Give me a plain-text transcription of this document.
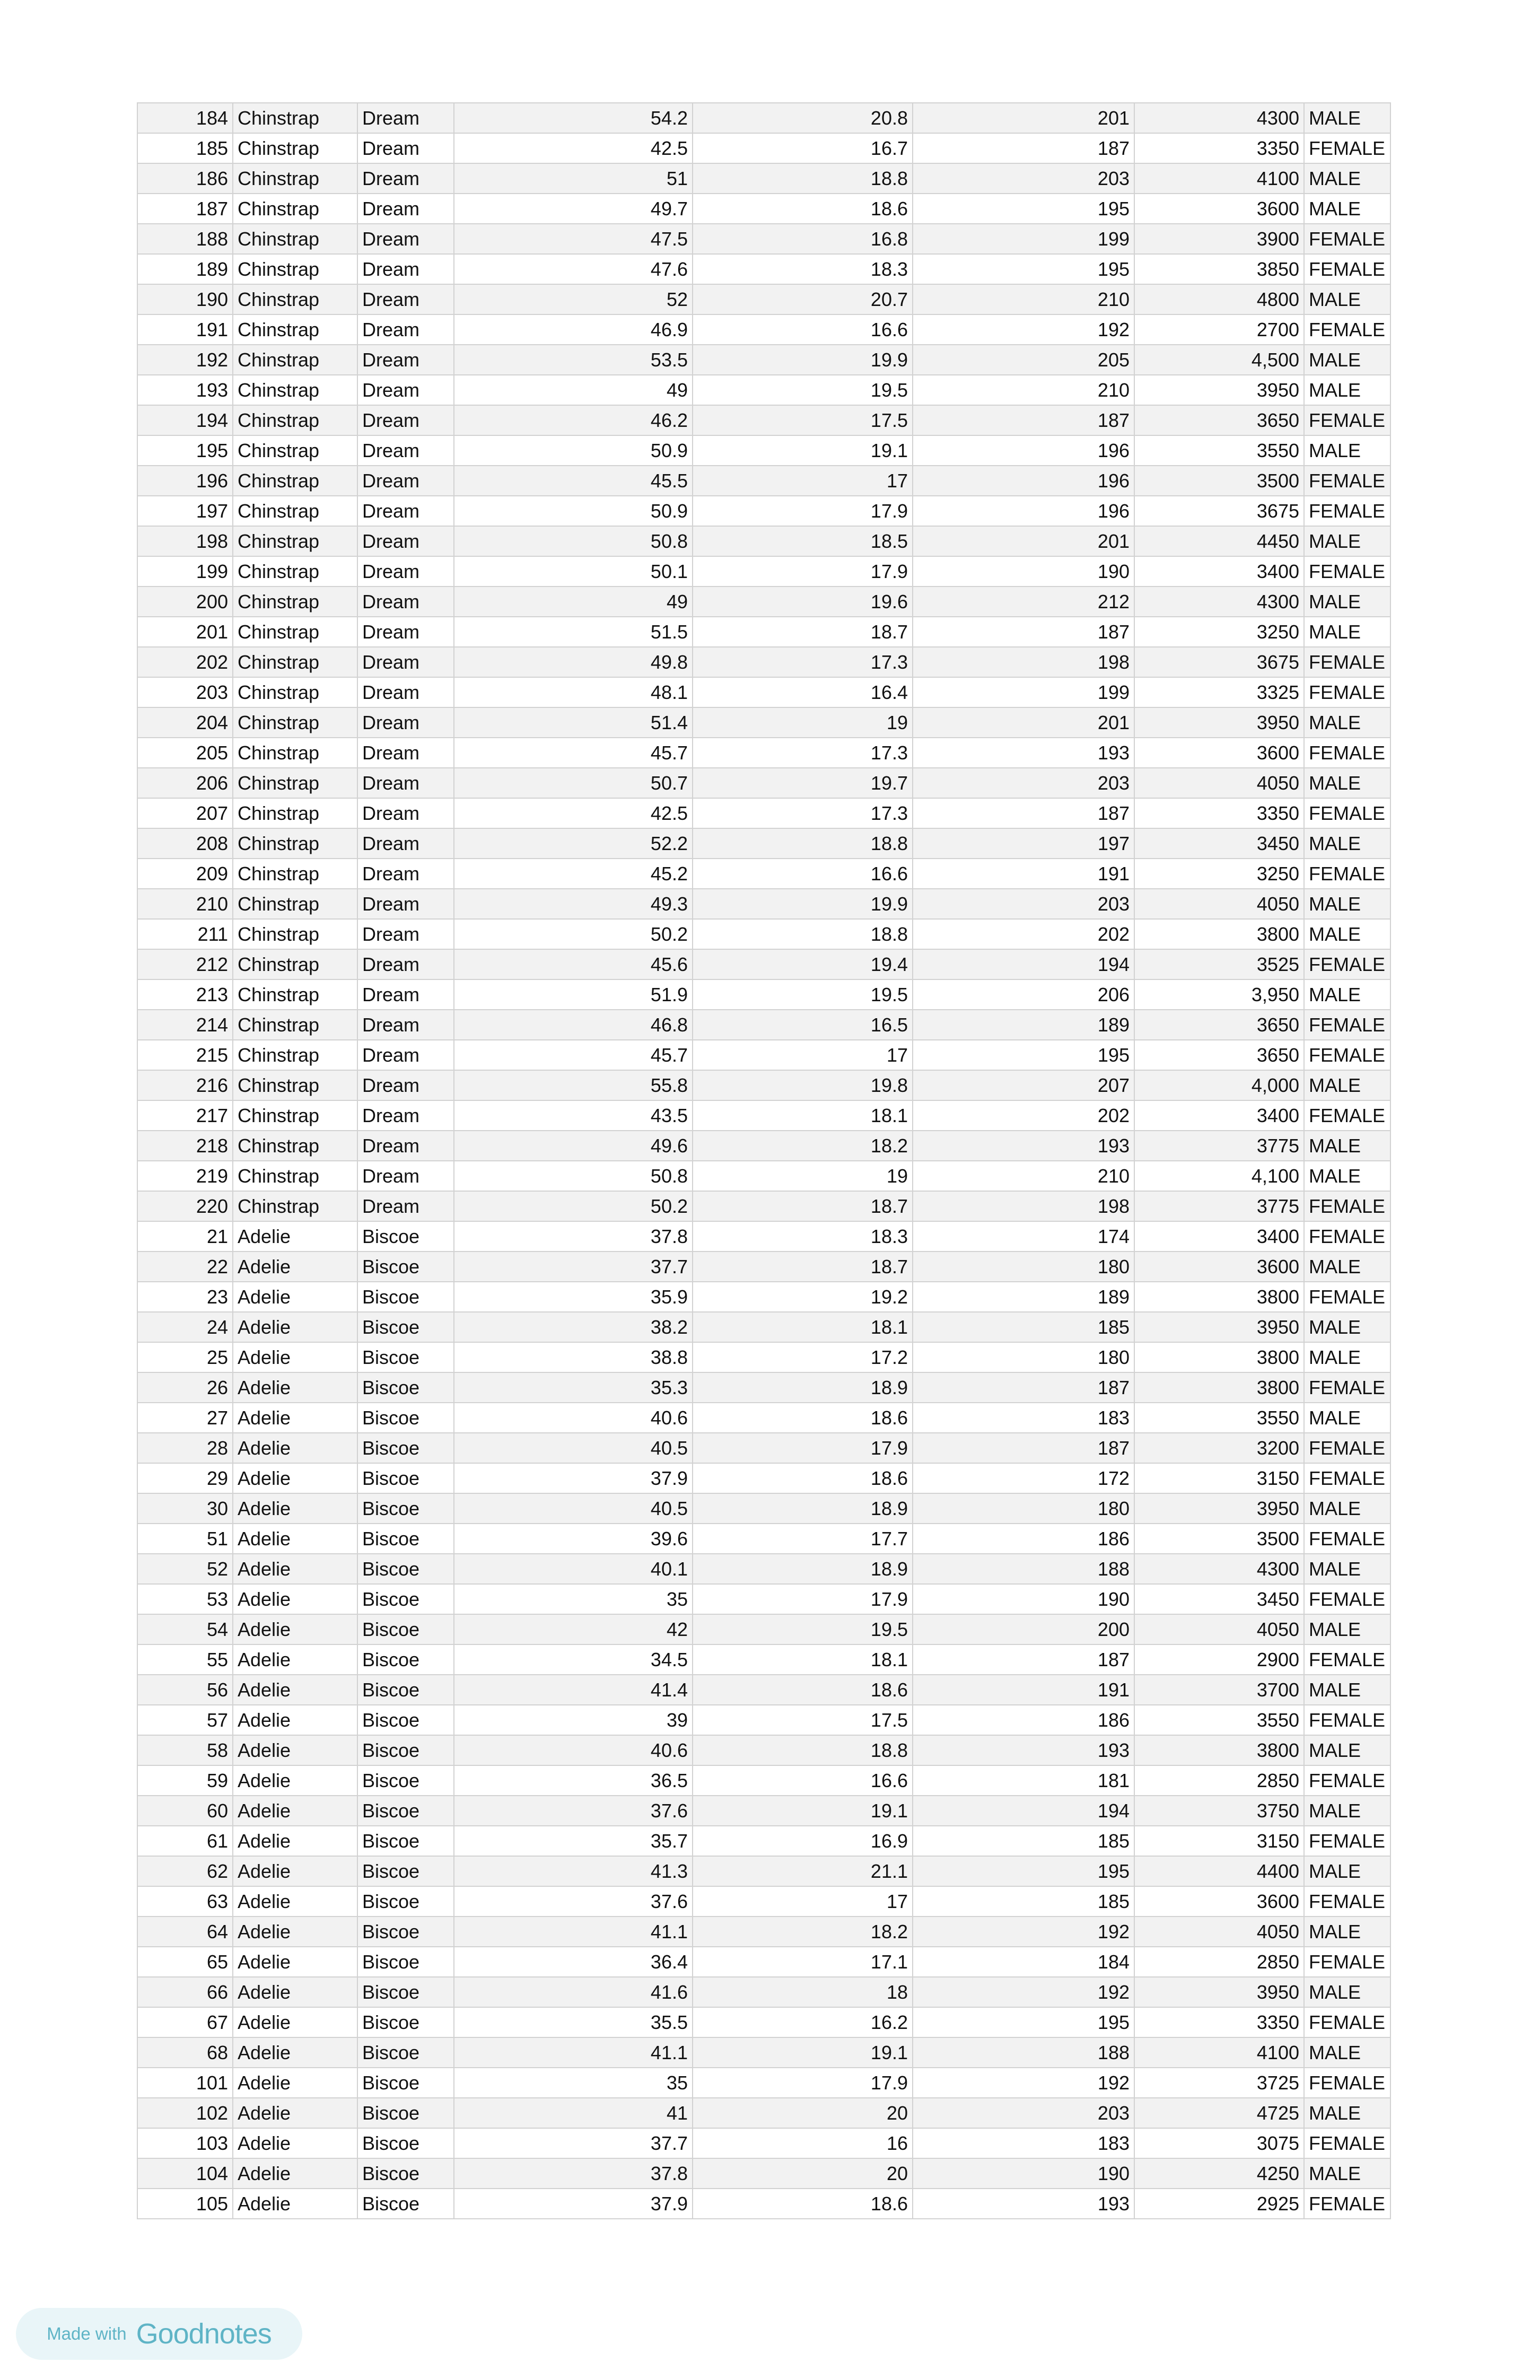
184	Chinstrap	Dream	54.2	20.8	201	4300	MALE
185	Chinstrap	Dream	42.5	16.7	187	3350	FEMALE
186	Chinstrap	Dream	51	18.8	203	4100	MALE
187	Chinstrap	Dream	49.7	18.6	195	3600	MALE
188	Chinstrap	Dream	47.5	16.8	199	3900	FEMALE
189	Chinstrap	Dream	47.6	18.3	195	3850	FEMALE
190	Chinstrap	Dream	52	20.7	210	4800	MALE
191	Chinstrap	Dream	46.9	16.6	192	2700	FEMALE
192	Chinstrap	Dream	53.5	19.9	205	4,500	MALE
193	Chinstrap	Dream	49	19.5	210	3950	MALE
194	Chinstrap	Dream	46.2	17.5	187	3650	FEMALE
195	Chinstrap	Dream	50.9	19.1	196	3550	MALE
196	Chinstrap	Dream	45.5	17	196	3500	FEMALE
197	Chinstrap	Dream	50.9	17.9	196	3675	FEMALE
198	Chinstrap	Dream	50.8	18.5	201	4450	MALE
199	Chinstrap	Dream	50.1	17.9	190	3400	FEMALE
200	Chinstrap	Dream	49	19.6	212	4300	MALE
201	Chinstrap	Dream	51.5	18.7	187	3250	MALE
202	Chinstrap	Dream	49.8	17.3	198	3675	FEMALE
203	Chinstrap	Dream	48.1	16.4	199	3325	FEMALE
204	Chinstrap	Dream	51.4	19	201	3950	MALE
205	Chinstrap	Dream	45.7	17.3	193	3600	FEMALE
206	Chinstrap	Dream	50.7	19.7	203	4050	MALE
207	Chinstrap	Dream	42.5	17.3	187	3350	FEMALE
208	Chinstrap	Dream	52.2	18.8	197	3450	MALE
209	Chinstrap	Dream	45.2	16.6	191	3250	FEMALE
210	Chinstrap	Dream	49.3	19.9	203	4050	MALE
211	Chinstrap	Dream	50.2	18.8	202	3800	MALE
212	Chinstrap	Dream	45.6	19.4	194	3525	FEMALE
213	Chinstrap	Dream	51.9	19.5	206	3,950	MALE
214	Chinstrap	Dream	46.8	16.5	189	3650	FEMALE
215	Chinstrap	Dream	45.7	17	195	3650	FEMALE
216	Chinstrap	Dream	55.8	19.8	207	4,000	MALE
217	Chinstrap	Dream	43.5	18.1	202	3400	FEMALE
218	Chinstrap	Dream	49.6	18.2	193	3775	MALE
219	Chinstrap	Dream	50.8	19	210	4,100	MALE
220	Chinstrap	Dream	50.2	18.7	198	3775	FEMALE
21	Adelie	Biscoe	37.8	18.3	174	3400	FEMALE
22	Adelie	Biscoe	37.7	18.7	180	3600	MALE
23	Adelie	Biscoe	35.9	19.2	189	3800	FEMALE
24	Adelie	Biscoe	38.2	18.1	185	3950	MALE
25	Adelie	Biscoe	38.8	17.2	180	3800	MALE
26	Adelie	Biscoe	35.3	18.9	187	3800	FEMALE
27	Adelie	Biscoe	40.6	18.6	183	3550	MALE
28	Adelie	Biscoe	40.5	17.9	187	3200	FEMALE
29	Adelie	Biscoe	37.9	18.6	172	3150	FEMALE
30	Adelie	Biscoe	40.5	18.9	180	3950	MALE
51	Adelie	Biscoe	39.6	17.7	186	3500	FEMALE
52	Adelie	Biscoe	40.1	18.9	188	4300	MALE
53	Adelie	Biscoe	35	17.9	190	3450	FEMALE
54	Adelie	Biscoe	42	19.5	200	4050	MALE
55	Adelie	Biscoe	34.5	18.1	187	2900	FEMALE
56	Adelie	Biscoe	41.4	18.6	191	3700	MALE
57	Adelie	Biscoe	39	17.5	186	3550	FEMALE
58	Adelie	Biscoe	40.6	18.8	193	3800	MALE
59	Adelie	Biscoe	36.5	16.6	181	2850	FEMALE
60	Adelie	Biscoe	37.6	19.1	194	3750	MALE
61	Adelie	Biscoe	35.7	16.9	185	3150	FEMALE
62	Adelie	Biscoe	41.3	21.1	195	4400	MALE
63	Adelie	Biscoe	37.6	17	185	3600	FEMALE
64	Adelie	Biscoe	41.1	18.2	192	4050	MALE
65	Adelie	Biscoe	36.4	17.1	184	2850	FEMALE
66	Adelie	Biscoe	41.6	18	192	3950	MALE
67	Adelie	Biscoe	35.5	16.2	195	3350	FEMALE
68	Adelie	Biscoe	41.1	19.1	188	4100	MALE
101	Adelie	Biscoe	35	17.9	192	3725	FEMALE
102	Adelie	Biscoe	41	20	203	4725	MALE
103	Adelie	Biscoe	37.7	16	183	3075	FEMALE
104	Adelie	Biscoe	37.8	20	190	4250	MALE
105	Adelie	Biscoe	37.9	18.6	193	2925	FEMALE
Made with Goodnotes
